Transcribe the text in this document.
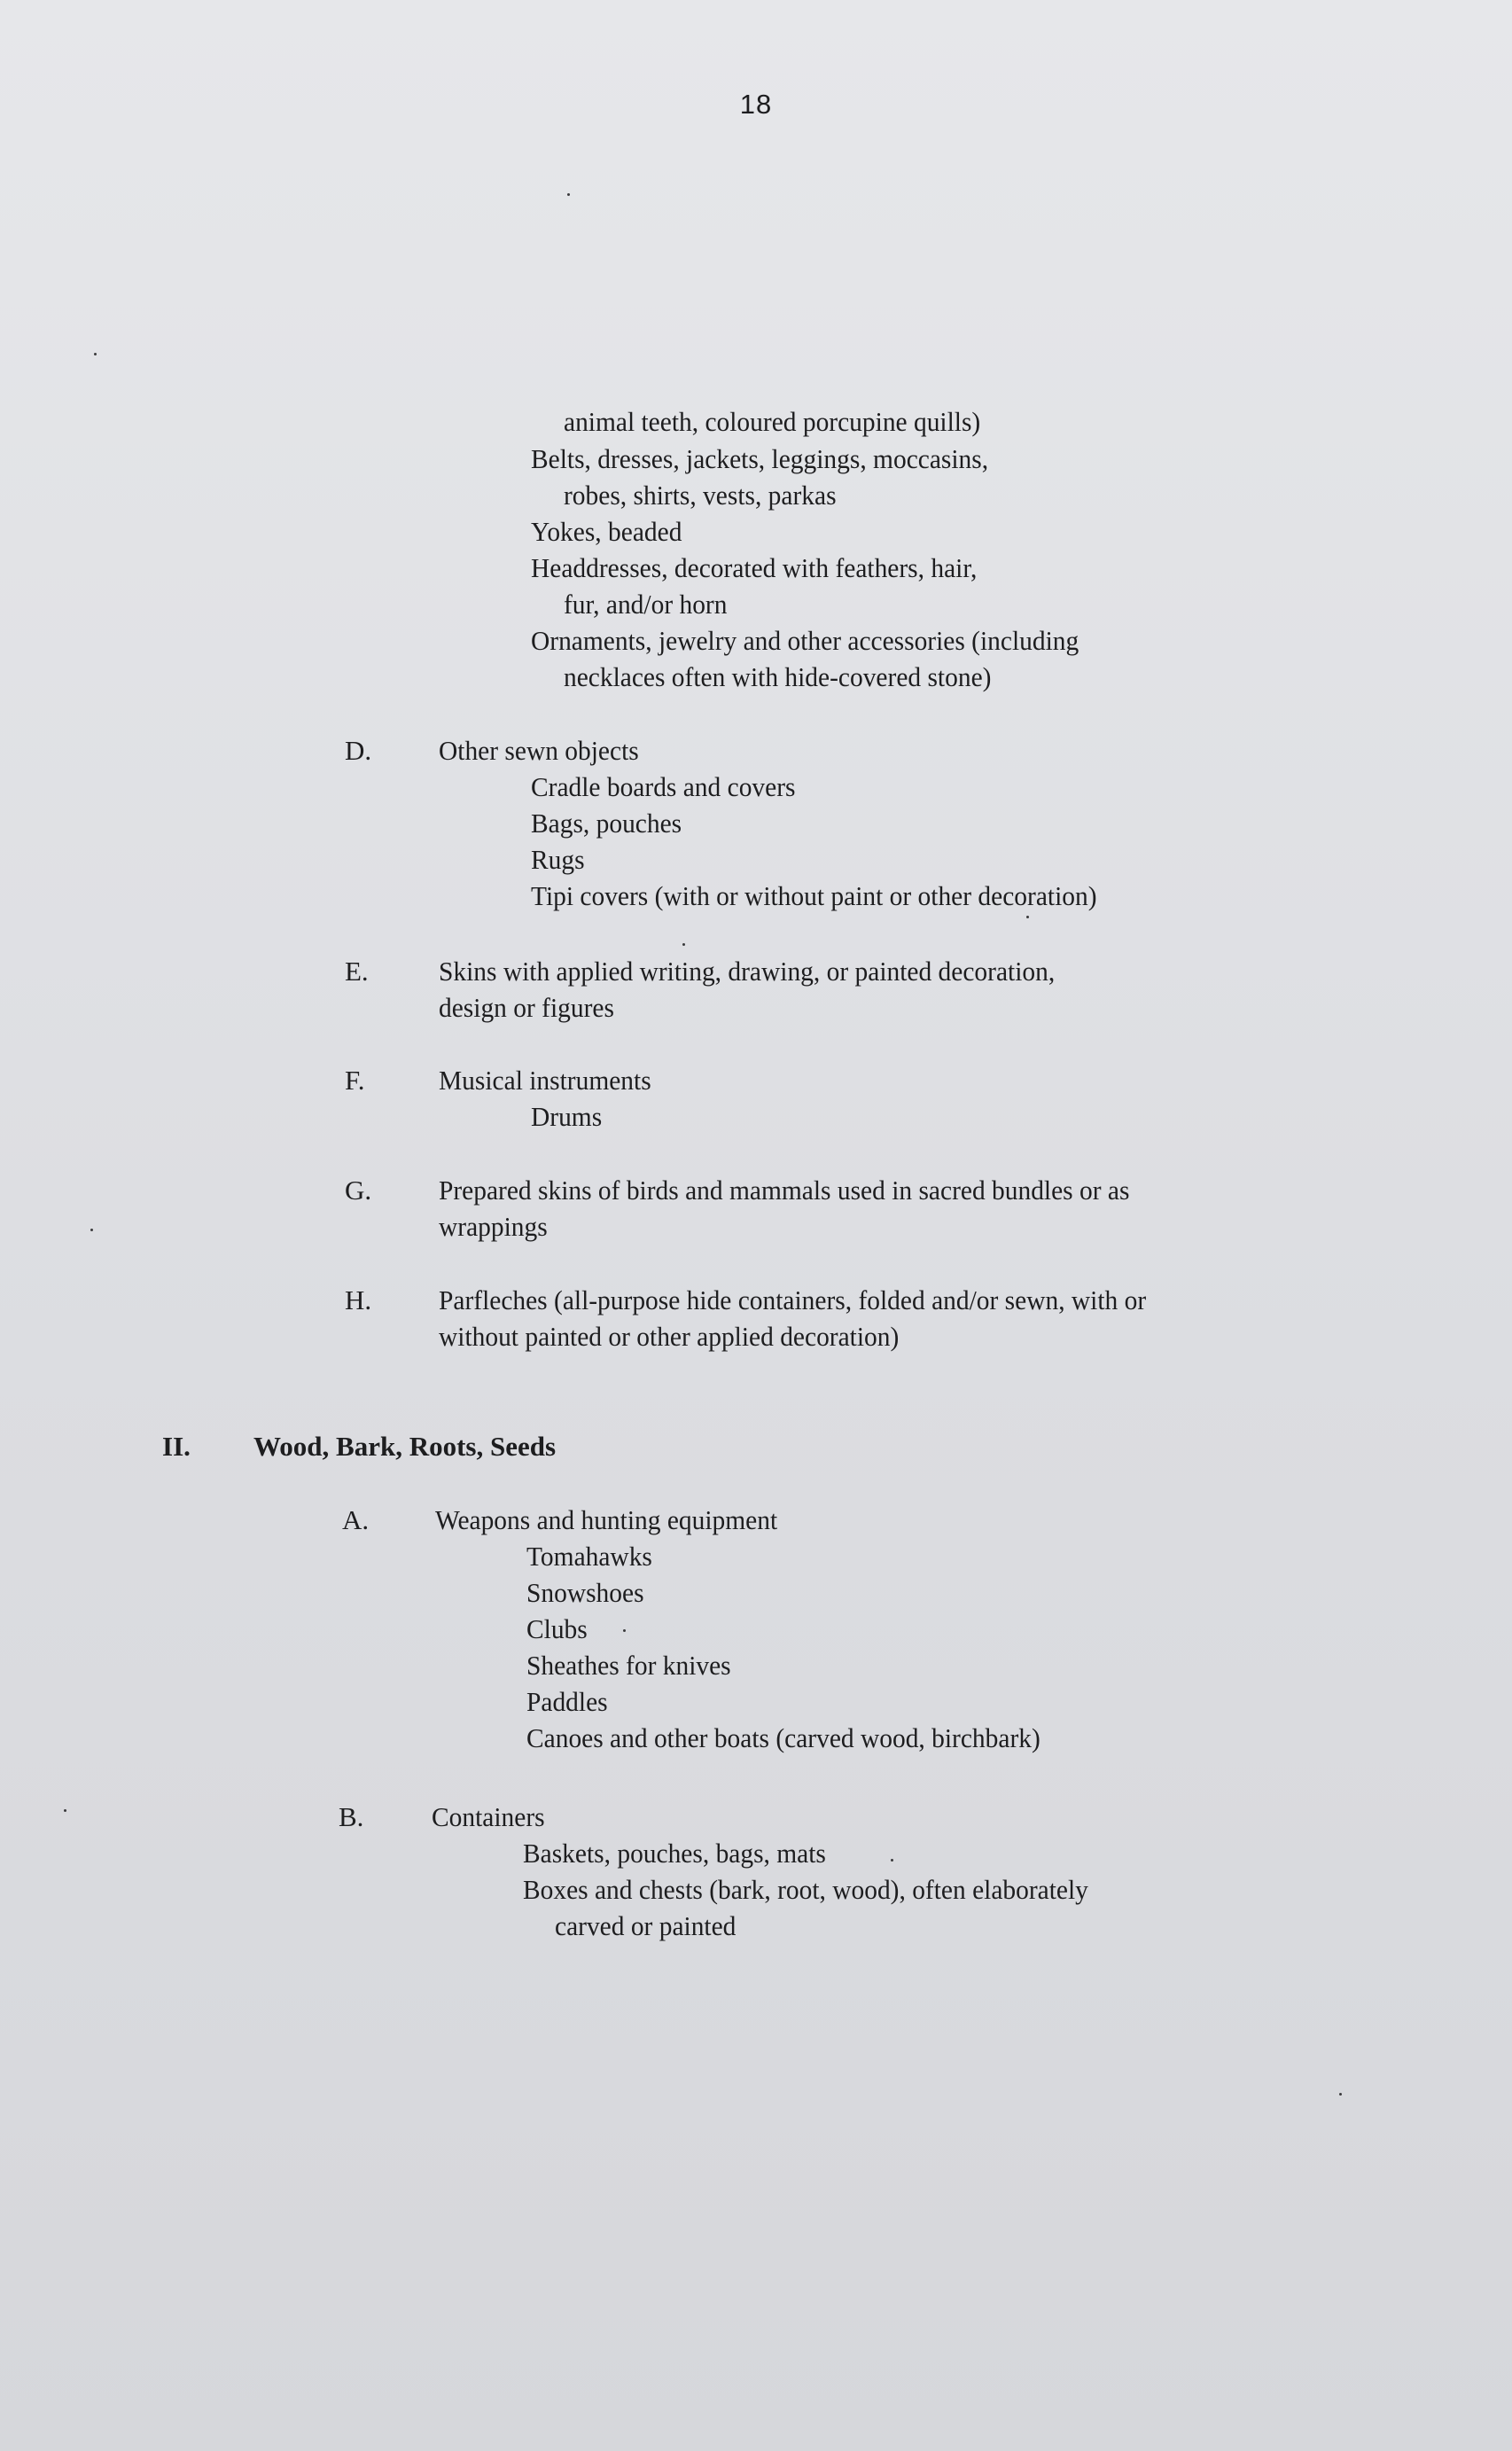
18
animal teeth, coloured porcupine quills)
Belts, dresses, jackets, leggings, moccasins,
robes, shirts, vests, parkas
Yokes, beaded
Headdresses, decorated with feathers, hair,
fur, and/or horn
Ornaments, jewelry and other accessories (including
necklaces often with hide-covered stone)
D. Other sewn objects
Cradle boards and covers
Bags, pouches
Rugs
Tipi covers (with or without paint or other decoration)
E.	Skins with applied writing, drawing, or painted decoration,
design or figures
F.	Musical instruments
Drums
G. Prepared skins of birds and mammals used in sacred bundles or as
wrappings
H. Parfleches (all-purpose hide containers, folded and/or sewn, with or
without painted or other applied decoration)
II. Wood, Bark, Roots, Seeds
A. Weapons and hunting equipment
Tomahawks
Snowshoes
Clubs
Sheathes for knives
Paddles
Canoes and other boats (carved wood, birchbark)
B. Containers
Baskets, pouches, bags, mats
Boxes and chests (bark, root, wood), often elaborately
carved or painted
